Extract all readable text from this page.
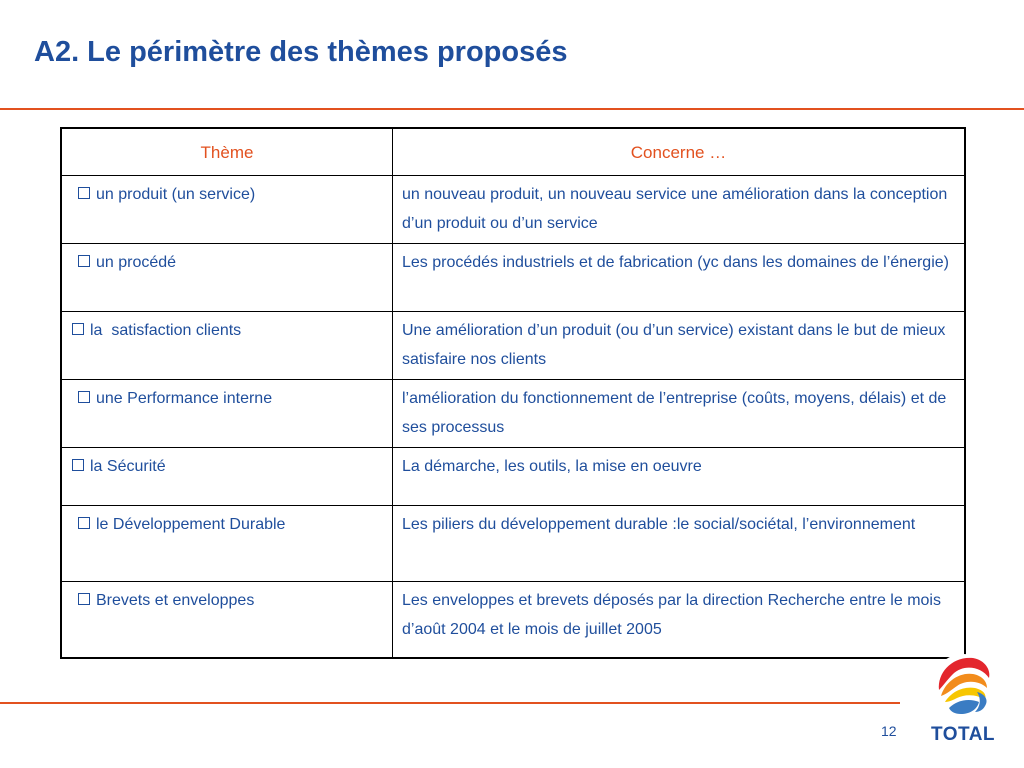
A2. Le périmètre des thèmes proposés
Thème	Concerne …
un produit (un service)	un nouveau produit, un nouveau service une amélioration dans la conception d’un produit ou d’un service
un procédé	Les procédés industriels et de fabrication (yc dans les domaines de l’énergie)
la  satisfaction clients	Une amélioration d’un produit (ou d’un service) existant dans le but de mieux satisfaire nos clients
une Performance interne	l’amélioration du fonctionnement de l’entreprise (coûts, moyens, délais) et de ses processus
la Sécurité	La démarche, les outils, la mise en oeuvre
le Développement Durable	Les piliers du développement durable :le social/sociétal, l’environnement
Brevets et enveloppes	Les enveloppes et brevets déposés par la direction Recherche entre le mois d’août 2004 et le mois de juillet 2005
12	TOTAL
